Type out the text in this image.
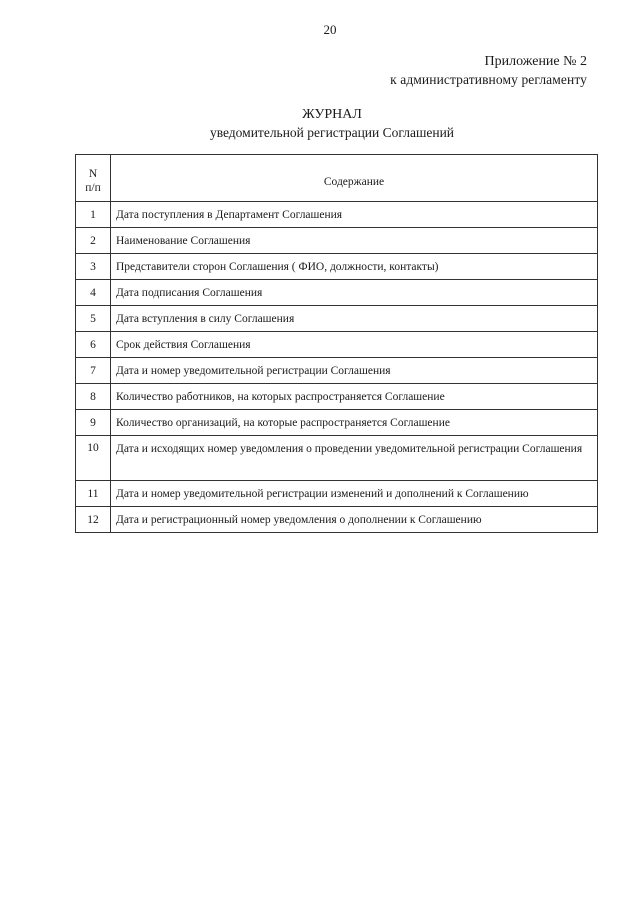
20
Приложение № 2
к административному регламенту
ЖУРНАЛ
уведомительной регистрации Соглашений
N
п/п	Содержание
1	Дата поступления в Департамент Соглашения
2	Наименование Соглашения
3	Представители сторон Соглашения ( ФИО, должности, контакты)
4	Дата подписания Соглашения
5	Дата вступления в силу Соглашения
6	Срок действия Соглашения
7	Дата и номер уведомительной регистрации Соглашения
8	Количество работников, на которых распространяется Соглашение
9	Количество организаций, на которые распространяется Соглашение
10	Дата и исходящих номер уведомления о проведении уведомительной регистрации Соглашения
11	Дата и номер уведомительной регистрации изменений и дополнений к Соглашению
12	Дата и регистрационный номер уведомления о дополнении к Соглашению
